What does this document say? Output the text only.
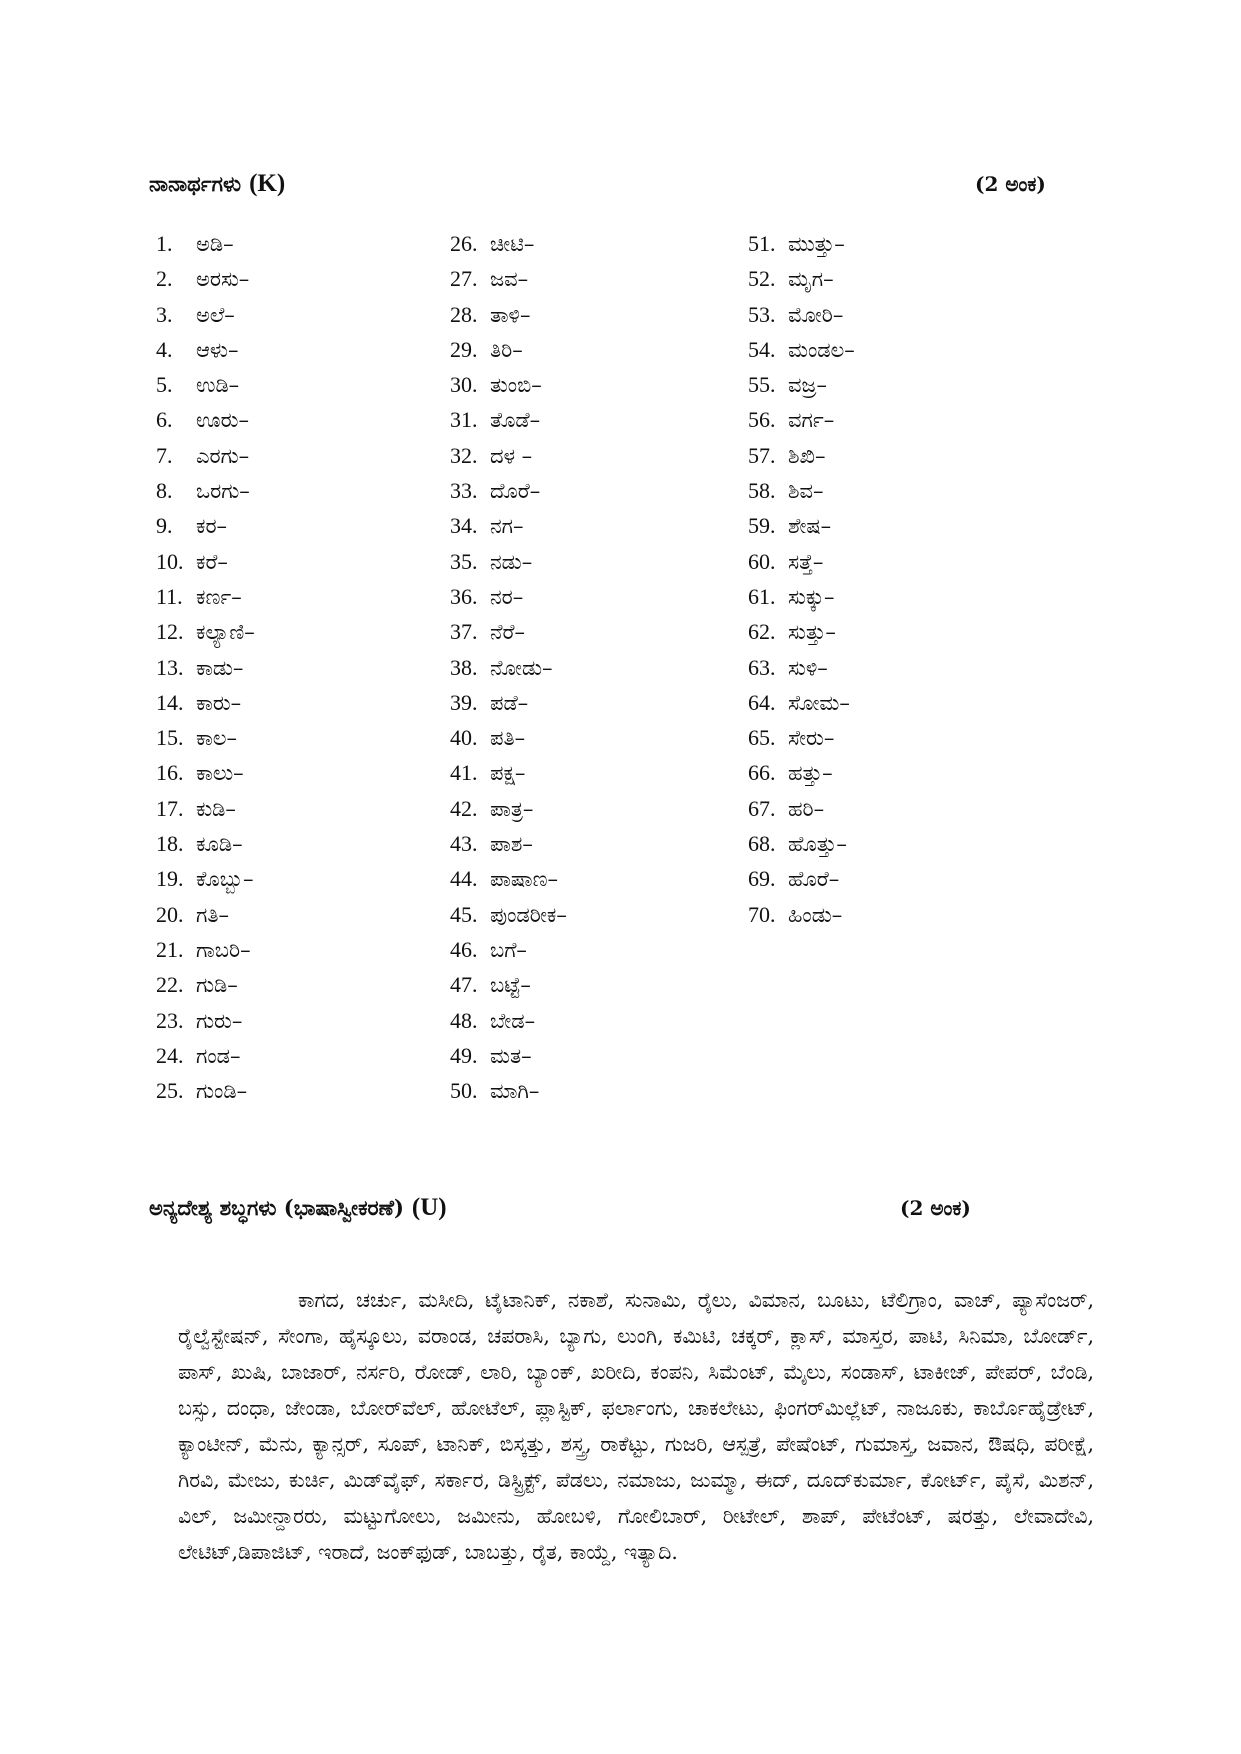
ನಾನಾರ್ಥಗಳು (K)	(2 ಅಂಕ)
1. ಅಡಿ–
2. ಅರಸು–
3. ಅಲೆ–
4. ಆಳು–
5. ಉಡಿ–
6. ಊರು–
7. ಎರಗು–
8. ಒರಗು–
9. ಕರ–
10. ಕರೆ–
11. ಕರ್ಣ–
12. ಕಲ್ಯಾಣಿ–
13. ಕಾಡು–
14. ಕಾರು–
15. ಕಾಲ–
16. ಕಾಲು–
17. ಕುಡಿ–
18. ಕೂಡಿ–
19. ಕೊಬ್ಬು–
20. ಗತಿ–
21. ಗಾಬರಿ–
22. ಗುಡಿ–
23. ಗುರು–
24. ಗಂಡ–
25. ಗುಂಡಿ–
26. ಚೀಟಿ–
27. ಜವ–
28. ತಾಳಿ–
29. ತಿರಿ–
30. ತುಂಬಿ–
31. ತೊಡೆ–
32. ದಳ –
33. ದೊರೆ–
34. ನಗ–
35. ನಡು–
36. ನರ–
37. ನೆರೆ–
38. ನೋಡು–
39. ಪಡೆ–
40. ಪತಿ–
41. ಪಕ್ಷ–
42. ಪಾತ್ರ–
43. ಪಾಶ–
44. ಪಾಷಾಣ–
45. ಪುಂಡರೀಕ–
46. ಬಗೆ–
47. ಬಟ್ಟೆ–
48. ಬೇಡ–
49. ಮತ–
50. ಮಾಗಿ–
51. ಮುತ್ತು–
52. ಮೃಗ–
53. ಮೋರಿ–
54. ಮಂಡಲ–
55. ವಜ್ರ–
56. ವರ್ಗ–
57. ಶಿಖಿ–
58. ಶಿವ–
59. ಶೇಷ–
60. ಸತ್ತೆ–
61. ಸುಕ್ಕು–
62. ಸುತ್ತು–
63. ಸುಳಿ–
64. ಸೋಮ–
65. ಸೇರು–
66. ಹತ್ತು–
67. ಹರಿ–
68. ಹೊತ್ತು–
69. ಹೊರೆ–
70. ಹಿಂಡು–
ಅನ್ಯದೇಶ್ಯ ಶಬ್ಧಗಳು (ಭಾಷಾಸ್ವೀಕರಣೆ) (U)	(2 ಅಂಕ)

ಕಾಗದ, ಚರ್ಚು, ಮಸೀದಿ, ಟೈಟಾನಿಕ್, ನಕಾಶೆ, ಸುನಾಮಿ, ರೈಲು, ವಿಮಾನ, ಬೂಟು, ಟೆಲಿಗ್ರಾಂ, ವಾಚ್, ಪ್ಯಾಸೆಂಜರ್, ರೈಲ್ವೆಸ್ಟೇಷನ್, ಸೇಂಗಾ, ಹೈಸ್ಕೂಲು, ವರಾಂಡ, ಚಪರಾಸಿ, ಬ್ಯಾಗು, ಲುಂಗಿ, ಕಮಿಟಿ, ಚಕ್ಕರ್, ಕ್ಲಾಸ್, ಮಾಸ್ತರ, ಪಾಟಿ, ಸಿನಿಮಾ, ಬೋರ್ಡ್, ಪಾಸ್, ಖುಷಿ, ಬಾಜಾರ್, ನರ್ಸರಿ, ರೋಡ್, ಲಾರಿ, ಬ್ಯಾಂಕ್, ಖರೀದಿ, ಕಂಪನಿ, ಸಿಮೆಂಟ್, ಮೈಲು, ಸಂಡಾಸ್, ಟಾಕೀಜ್, ಪೇಪರ್, ಬೆಂಡಿ, ಬಸ್ಸು, ದಂಧಾ, ಜೇಂಡಾ, ಬೋರ್‌ವೆಲ್, ಹೋಟೆಲ್, ಪ್ಲಾಸ್ಟಿಕ್, ಫರ್ಲಾಂಗು, ಚಾಕಲೇಟು, ಫಿಂಗರ್‌ಮಿಲ್ಲೆಟ್, ನಾಜೂಕು, ಕಾರ್ಬೊಹೈಡ್ರೇಟ್, ಕ್ಯಾಂಟೀನ್, ಮೆನು, ಕ್ಯಾನ್ಸರ್, ಸೂಪ್, ಟಾನಿಕ್, ಬಿಸ್ಕತ್ತು, ಶಸ್ತ್ರ, ರಾಕೆಟ್ಟು, ಗುಜರಿ, ಆಸ್ಪತ್ರೆ, ಪೇಷೆಂಟ್, ಗುಮಾಸ್ತ, ಜವಾನ, ಔಷಧಿ, ಪರೀಕ್ಷೆ, ಗಿರವಿ, ಮೇಜು, ಕುರ್ಚಿ, ಮಿಡ್‌ವೈಫ್, ಸರ್ಕಾರ, ಡಿಸ್ಟ್ರಿಕ್ಟ್, ಪೆಡಲು, ನಮಾಜು, ಜುಮ್ಮಾ, ಈದ್, ದೂದ್‌ಕುರ್ಮಾ, ಕೋರ್ಟ್, ಪೈಸೆ, ಮಿಶನ್, ವಿಲ್, ಜಮೀನ್ದಾರರು, ಮಟ್ಟುಗೋಲು, ಜಮೀನು, ಹೋಬಳಿ, ಗೋಲಿಬಾರ್, ರೀಟೇಲ್, ಶಾಪ್, ಪೇಟೆಂಟ್, ಷರತ್ತು, ಲೇವಾದೇವಿ, ಲೇಟಿಟ್,ಡಿಪಾಜಿಟ್, ಇರಾದೆ, ಜಂಕ್‌ಫುಡ್, ಬಾಬತ್ತು, ರೈತ, ಕಾಯ್ದೆ, ಇತ್ಯಾದಿ.
